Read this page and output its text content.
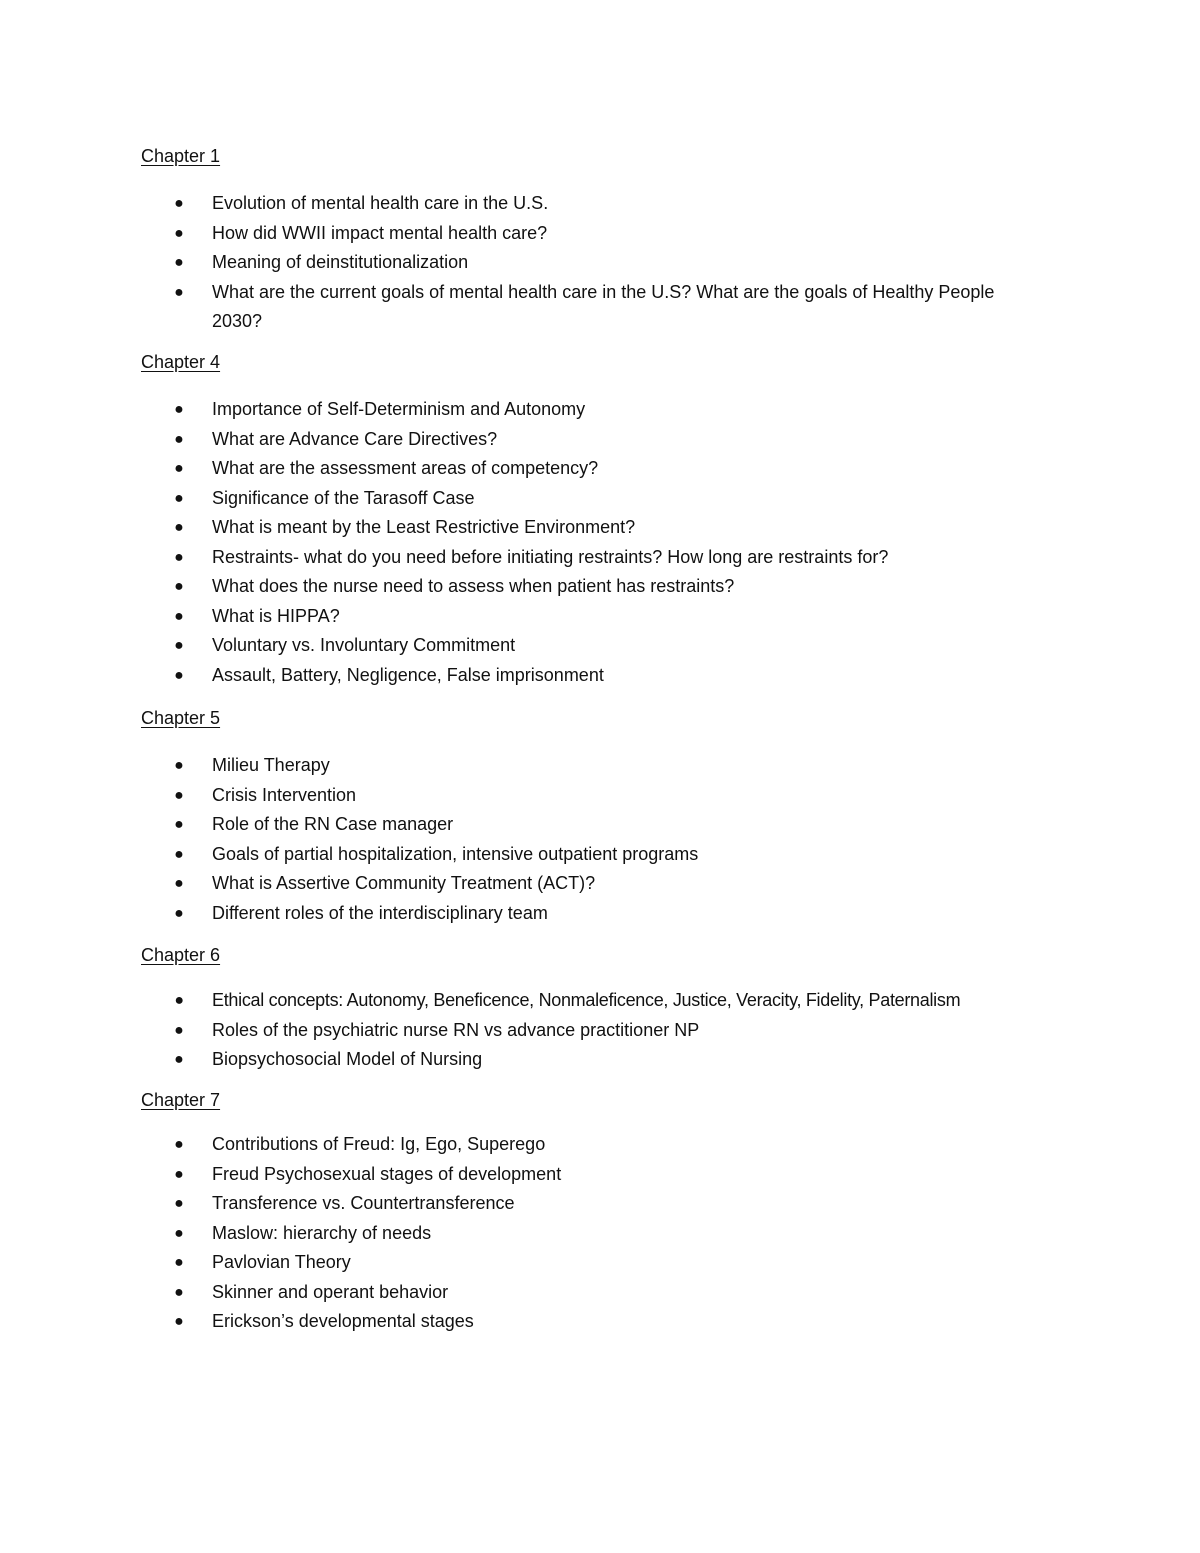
Chapter 1
● Evolution of mental health care in the U.S.
● How did WWII impact mental health care?
● Meaning of deinstitutionalization
● What are the current goals of mental health care in the U.S? What are the goals of Healthy People 2030?
Chapter 4
● Importance of Self-Determinism and Autonomy
● What are Advance Care Directives?
● What are the assessment areas of competency?
● Significance of the Tarasoff Case
● What is meant by the Least Restrictive Environment?
● Restraints- what do you need before initiating restraints? How long are restraints for?
● What does the nurse need to assess when patient has restraints?
● What is HIPPA?
● Voluntary vs. Involuntary Commitment
● Assault, Battery, Negligence, False imprisonment
Chapter 5
● Milieu Therapy
● Crisis Intervention
● Role of the RN Case manager
● Goals of partial hospitalization, intensive outpatient programs
● What is Assertive Community Treatment (ACT)?
● Different roles of the interdisciplinary team
Chapter 6
● Ethical concepts: Autonomy, Beneficence, Nonmaleficence, Justice, Veracity, Fidelity, Paternalism
● Roles of the psychiatric nurse RN vs advance practitioner NP
● Biopsychosocial Model of Nursing
Chapter 7
● Contributions of Freud: Ig, Ego, Superego
● Freud Psychosexual stages of development
● Transference vs. Countertransference
● Maslow: hierarchy of needs
● Pavlovian Theory
● Skinner and operant behavior
● Erickson’s developmental stages
